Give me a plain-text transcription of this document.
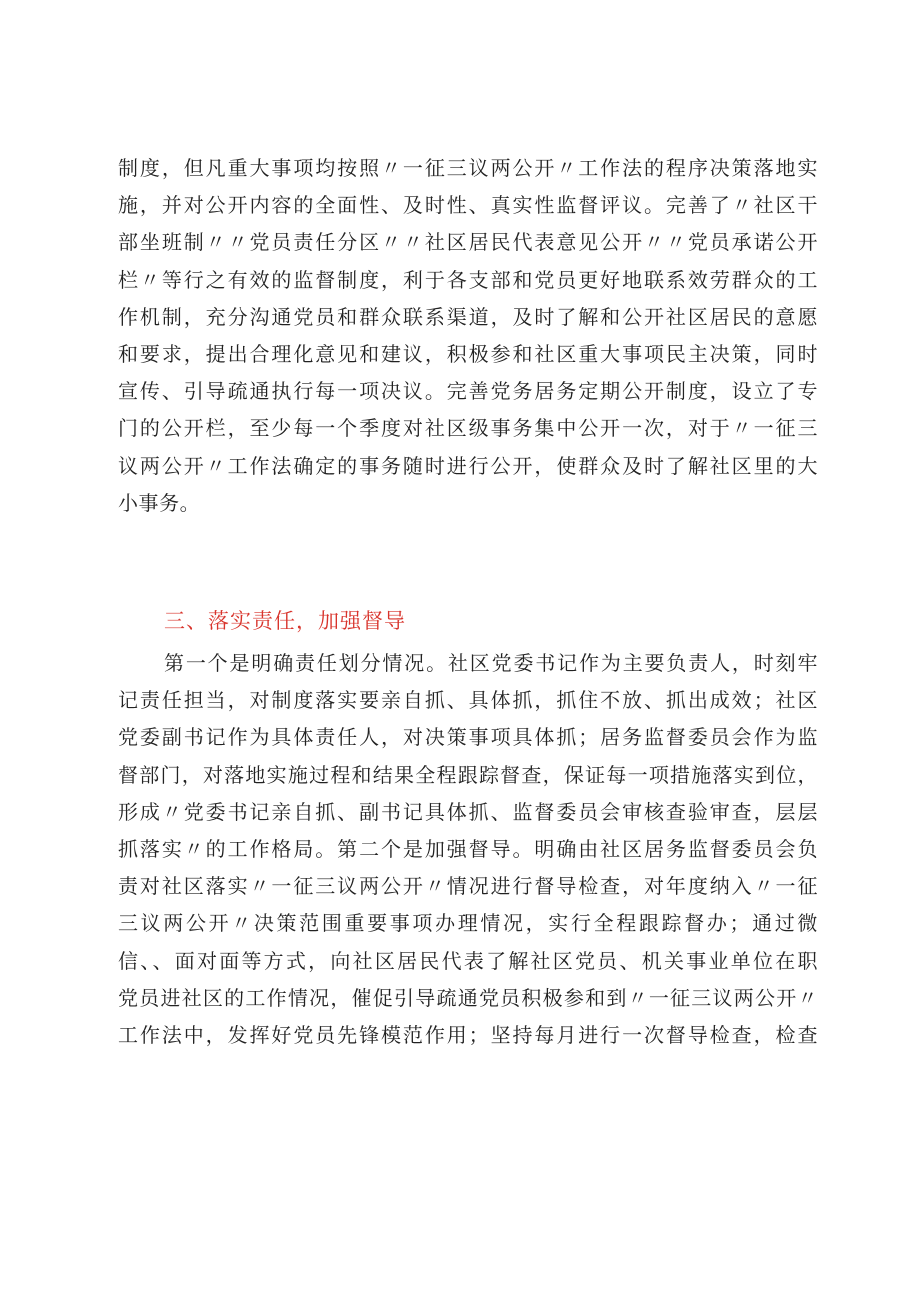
制度，但凡重大事项均按照〃一征三议两公开〃工作法的程序决策落地实
施，并对公开内容的全面性、及时性、真实性监督评议。完善了〃社区干
部坐班制〃〃党员责任分区〃〃社区居民代表意见公开〃〃党员承诺公开
栏〃等行之有效的监督制度，利于各支部和党员更好地联系效劳群众的工
作机制，充分沟通党员和群众联系渠道，及时了解和公开社区居民的意愿
和要求，提出合理化意见和建议，积极参和社区重大事项民主决策，同时
宣传、引导疏通执行每一项决议。完善党务居务定期公开制度，设立了专
门的公开栏，至少每一个季度对社区级事务集中公开一次，对于〃一征三
议两公开〃工作法确定的事务随时进行公开，使群众及时了解社区里的大
小事务。
三、落实责任，加强督导
第一个是明确责任划分情况。社区党委书记作为主要负责人，时刻牢
记责任担当，对制度落实要亲自抓、具体抓，抓住不放、抓出成效；社区
党委副书记作为具体责任人，对决策事项具体抓；居务监督委员会作为监
督部门，对落地实施过程和结果全程跟踪督查，保证每一项措施落实到位，
形成〃党委书记亲自抓、副书记具体抓、监督委员会审核查验审查，层层
抓落实〃的工作格局。第二个是加强督导。明确由社区居务监督委员会负
责对社区落实〃一征三议两公开〃情况进行督导检查，对年度纳入〃一征
三议两公开〃决策范围重要事项办理情况，实行全程跟踪督办；通过微
信、、面对面等方式，向社区居民代表了解社区党员、机关事业单位在职
党员进社区的工作情况，催促引导疏通党员积极参和到〃一征三议两公开〃
工作法中，发挥好党员先锋模范作用；坚持每月进行一次督导检查，检查
